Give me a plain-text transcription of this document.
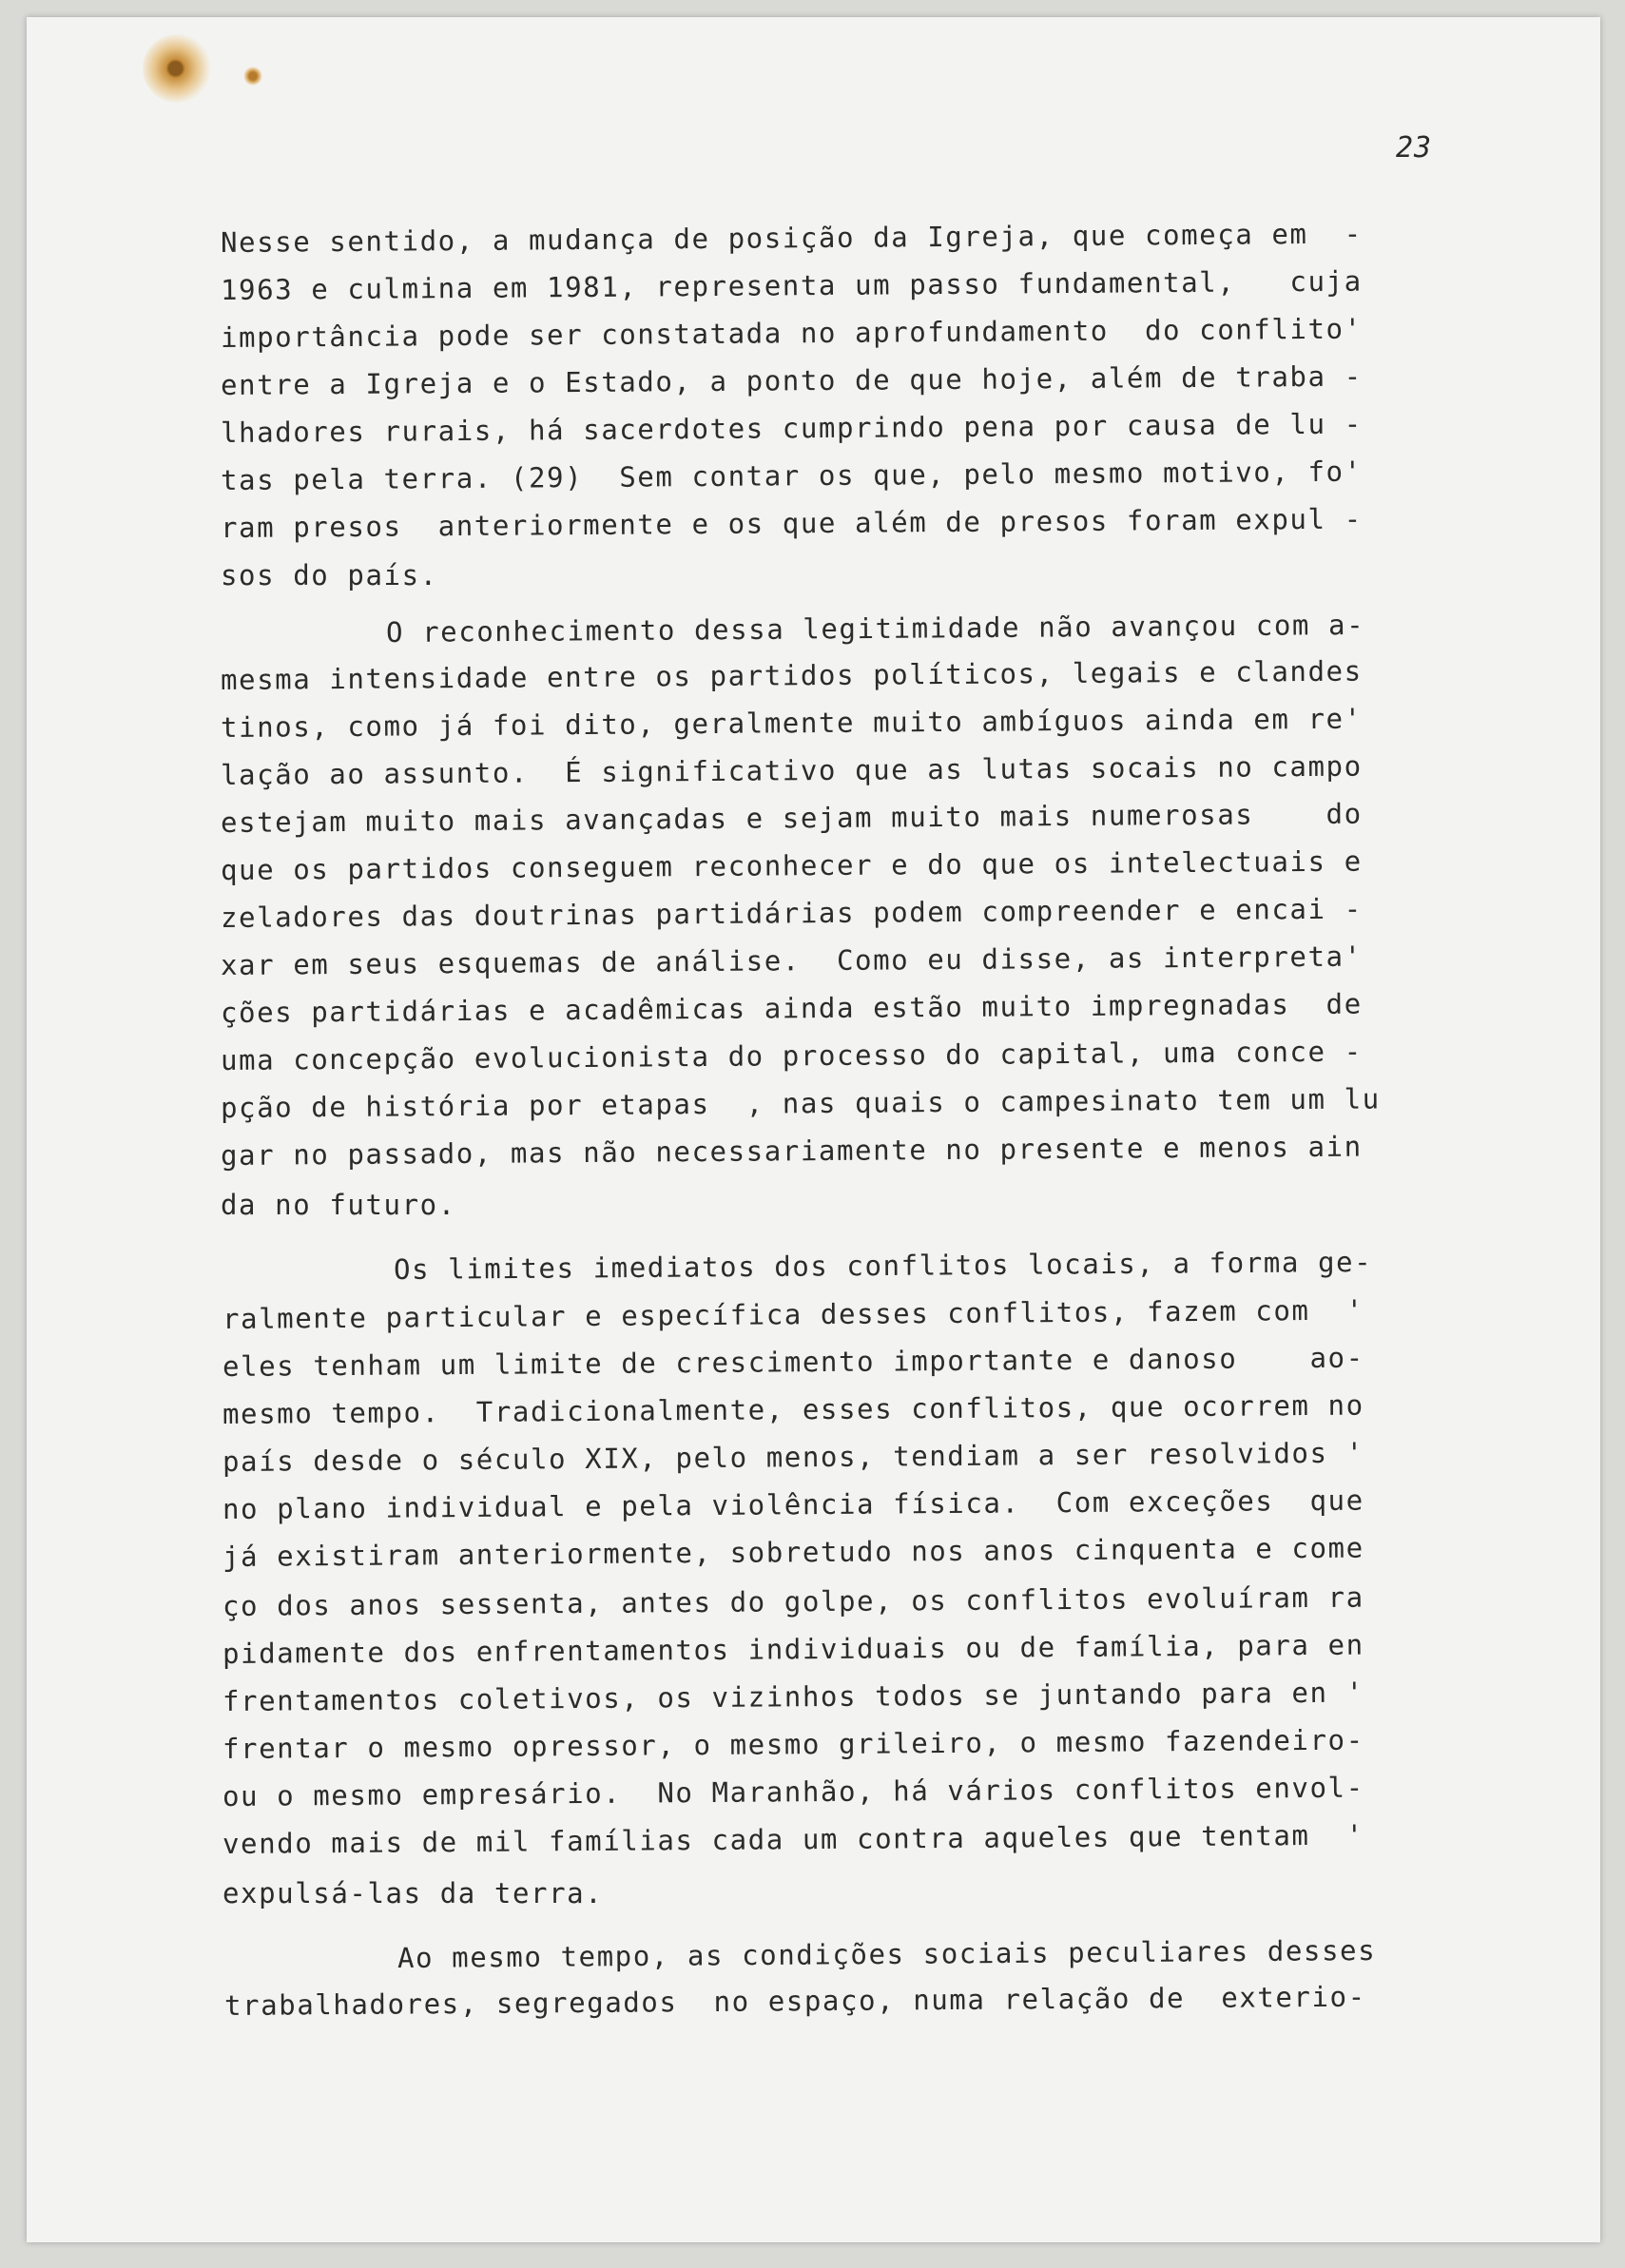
23
Nesse sentido, a mudança de posição da Igreja, que começa em  -
1963 e culmina em 1981, representa um passo fundamental,   cuja
importância pode ser constatada no aprofundamento  do conflito'
entre a Igreja e o Estado, a ponto de que hoje, além de traba -
lhadores rurais, há sacerdotes cumprindo pena por causa de lu -
tas pela terra. (29)  Sem contar os que, pelo mesmo motivo, fo'
ram presos  anteriormente e os que além de presos foram expul -
sos do país.
O reconhecimento dessa legitimidade não avançou com a-
mesma intensidade entre os partidos políticos, legais e clandes
tinos, como já foi dito, geralmente muito ambíguos ainda em re'
lação ao assunto.  É significativo que as lutas socais no campo
estejam muito mais avançadas e sejam muito mais numerosas    do
que os partidos conseguem reconhecer e do que os intelectuais e
zeladores das doutrinas partidárias podem compreender e encai -
xar em seus esquemas de análise.  Como eu disse, as interpreta'
ções partidárias e acadêmicas ainda estão muito impregnadas  de
uma concepção evolucionista do processo do capital, uma conce -
pção de história por etapas  , nas quais o campesinato tem um lu
gar no passado, mas não necessariamente no presente e menos ain
da no futuro.
Os limites imediatos dos conflitos locais, a forma ge-
ralmente particular e específica desses conflitos, fazem com  '
eles tenham um limite de crescimento importante e danoso    ao-
mesmo tempo.  Tradicionalmente, esses conflitos, que ocorrem no
país desde o século XIX, pelo menos, tendiam a ser resolvidos '
no plano individual e pela violência física.  Com exceções  que
já existiram anteriormente, sobretudo nos anos cinquenta e come
ço dos anos sessenta, antes do golpe, os conflitos evoluíram ra
pidamente dos enfrentamentos individuais ou de família, para en
frentamentos coletivos, os vizinhos todos se juntando para en '
frentar o mesmo opressor, o mesmo grileiro, o mesmo fazendeiro-
ou o mesmo empresário.  No Maranhão, há vários conflitos envol-
vendo mais de mil famílias cada um contra aqueles que tentam  '
expulsá-las da terra.
Ao mesmo tempo, as condições sociais peculiares desses
trabalhadores, segregados  no espaço, numa relação de  exterio-
